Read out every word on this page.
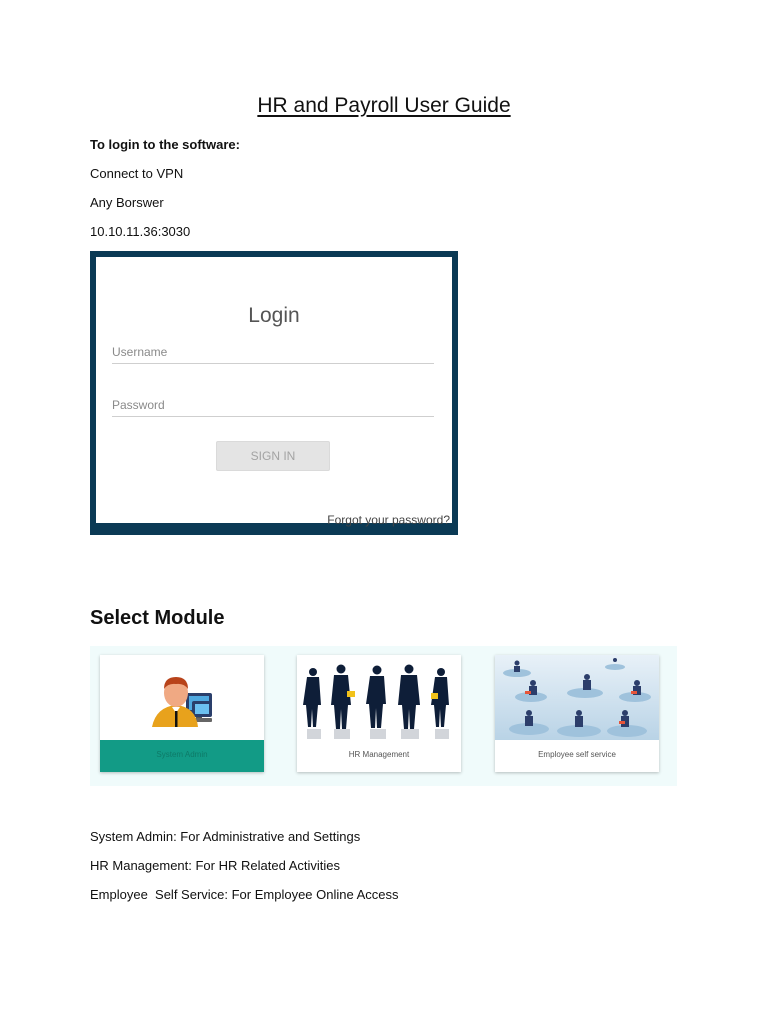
HR and Payroll User Guide
To login to the software:
Connect to VPN
Any Borswer
10.10.11.36:3030
Login
Username
SIGN IN
Forgot your password?
Select Module
System Admin	HR Management	Employee self service
System Admin: For Administrative and Settings
HR Management: For HR Related Activities
Employee  Self Service: For Employee Online Access
